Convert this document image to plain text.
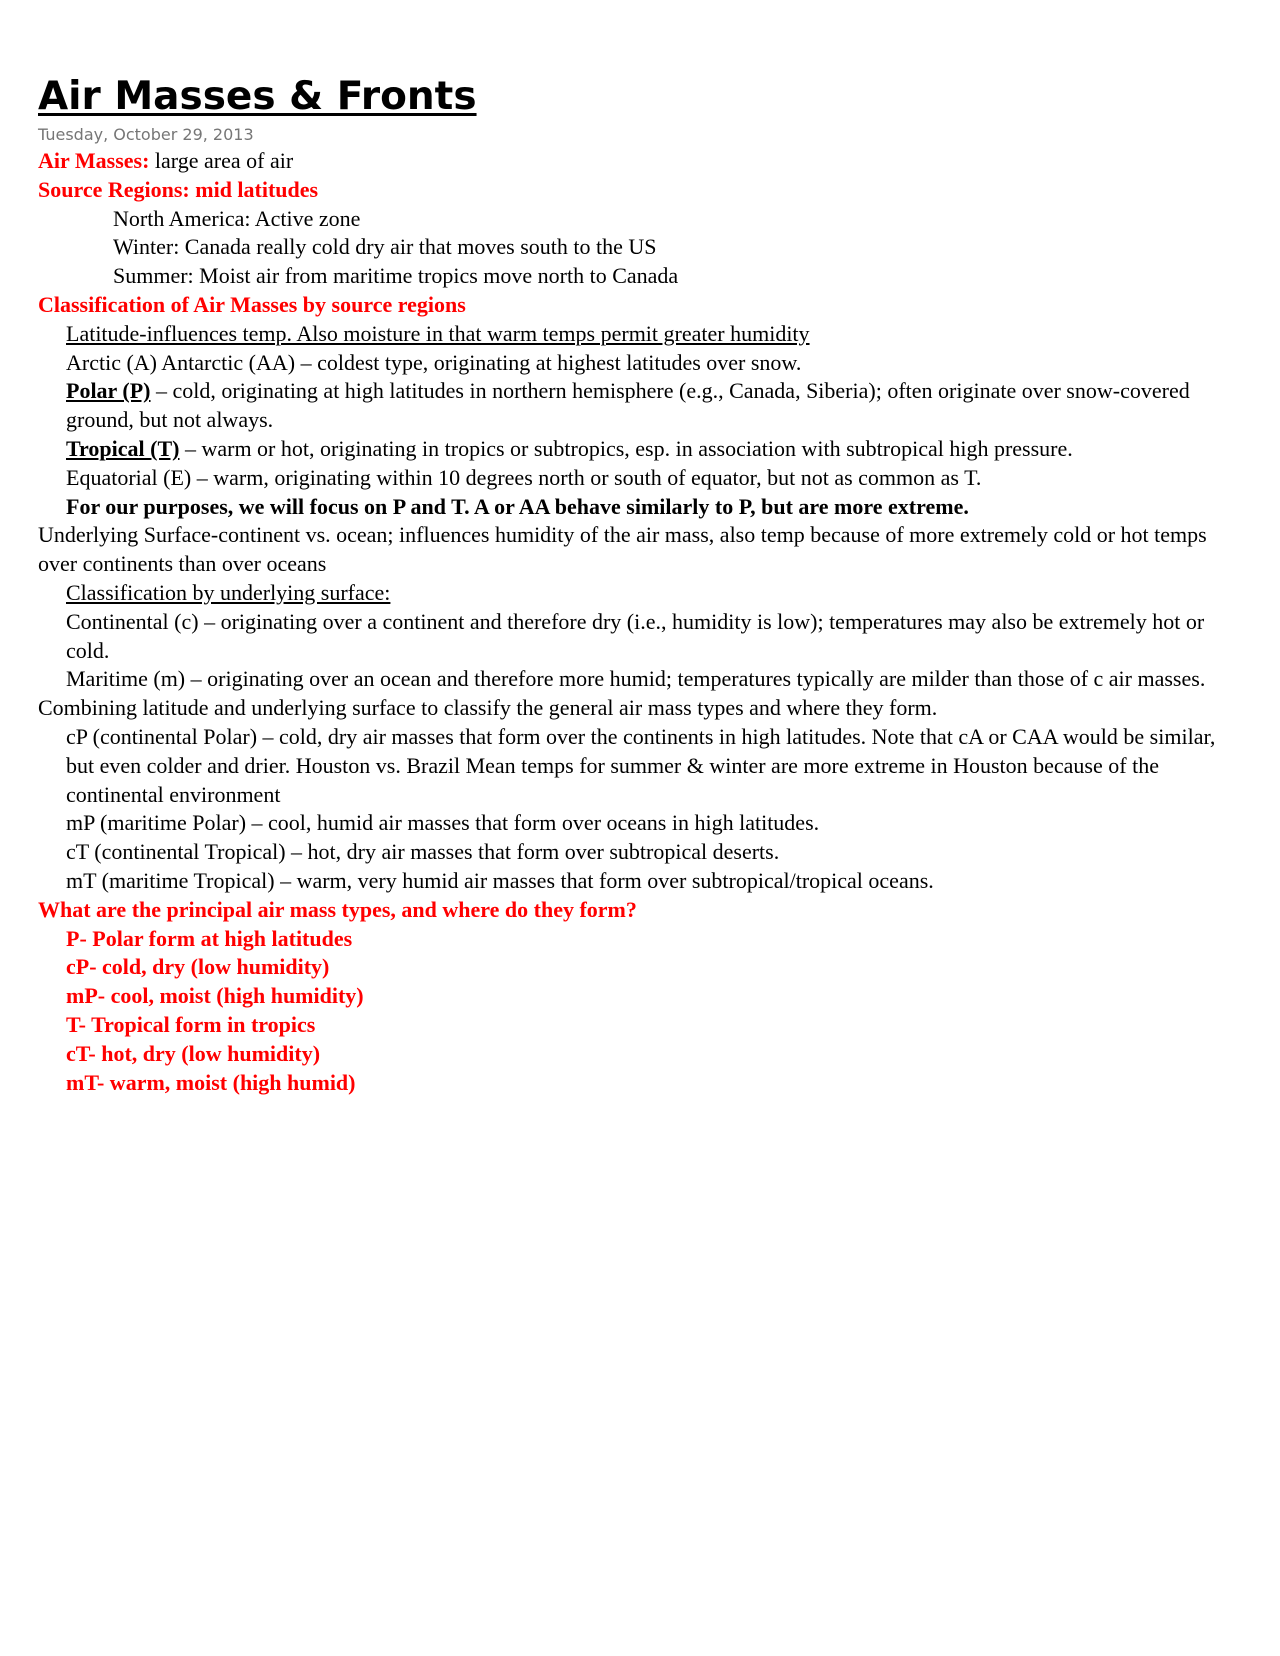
Air Masses & Fronts
Tuesday, October 29, 2013

Air Masses: large area of air

Source Regions: mid latitudes

North America: Active zone

Winter: Canada really cold dry air that moves south to the US

Summer: Moist air from maritime tropics move north to Canada

Classification of Air Masses by source regions

Latitude-influences temp. Also moisture in that warm temps permit greater humidity

Arctic (A) Antarctic (AA) – coldest type, originating at highest latitudes over snow.

Polar (P) – cold, originating at high latitudes in northern hemisphere (e.g., Canada, Siberia); often originate over snow-covered ground, but not always.

Tropical (T) – warm or hot, originating in tropics or subtropics, esp. in association with subtropical high pressure.

Equatorial (E) – warm, originating within 10 degrees north or south of equator, but not as common as T.

For our purposes, we will focus on P and T. A or AA behave similarly to P, but are more extreme.

Underlying Surface-continent vs. ocean; influences humidity of the air mass, also temp because of more extremely cold or hot temps over continents than over oceans

Classification by underlying surface:

Continental (c) – originating over a continent and therefore dry (i.e., humidity is low); temperatures may also be extremely hot or cold.

Maritime (m) – originating over an ocean and therefore more humid; temperatures typically are milder than those of c air masses.

Combining latitude and underlying surface to classify the general air mass types and where they form.

cP (continental Polar) – cold, dry air masses that form over the continents in high latitudes. Note that cA or CAA would be similar, but even colder and drier. Houston vs. Brazil Mean temps for summer & winter are more extreme in Houston because of the continental environment

mP (maritime Polar) – cool, humid air masses that form over oceans in high latitudes.

cT (continental Tropical) – hot, dry air masses that form over subtropical deserts.

mT (maritime Tropical) – warm, very humid air masses that form over subtropical/tropical oceans.

What are the principal air mass types, and where do they form?

P- Polar form at high latitudes

cP- cold, dry (low humidity)

mP- cool, moist (high humidity)

T- Tropical form in tropics

cT- hot, dry (low humidity)

mT- warm, moist (high humid)
